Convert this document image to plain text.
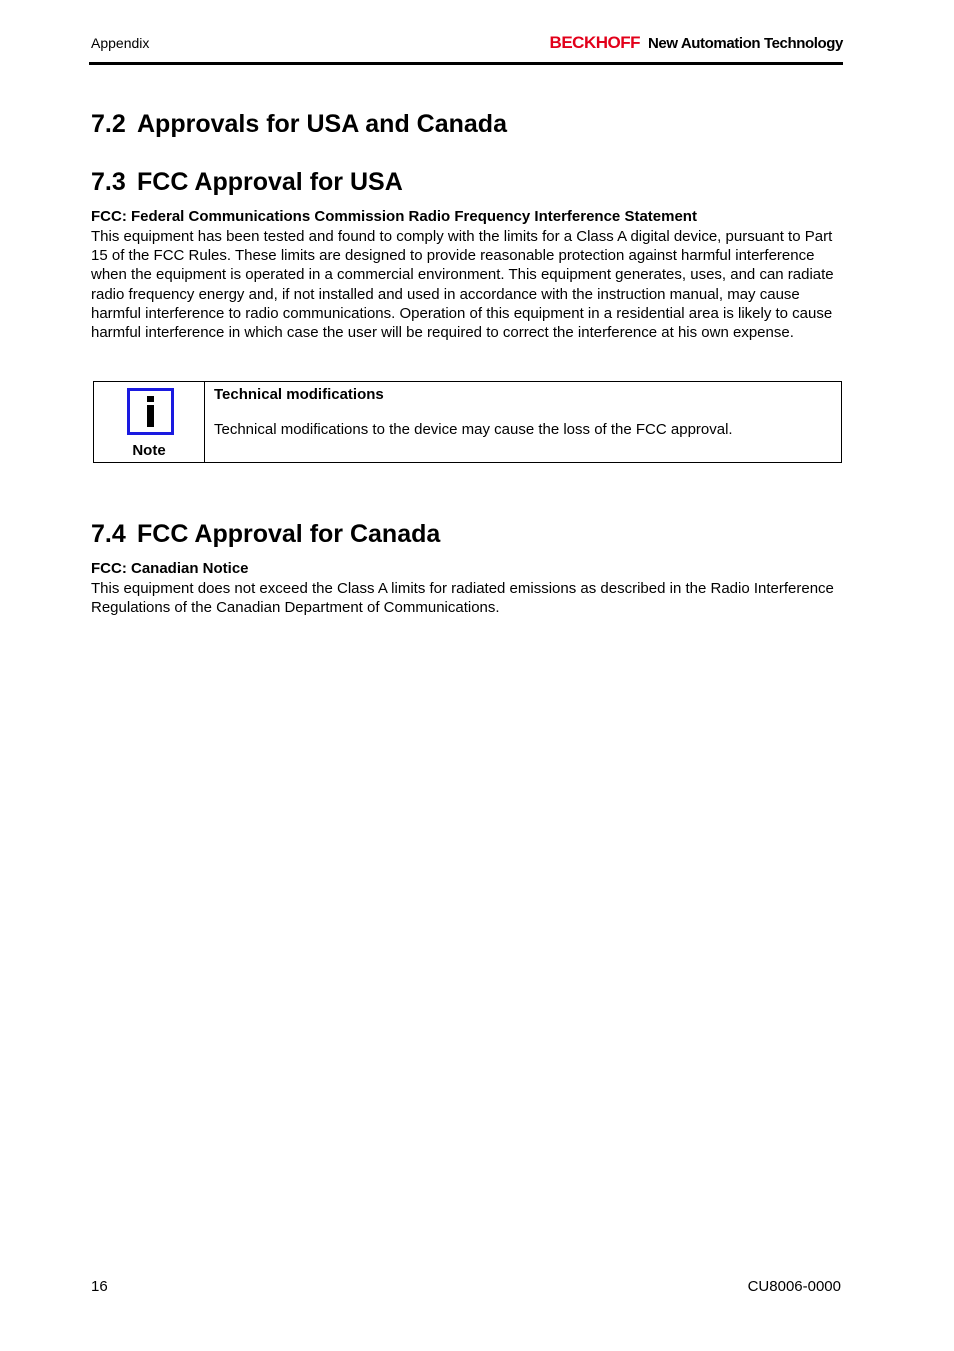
Appendix	BECKHOFF New Automation Technology
7.2 Approvals for USA and Canada
7.3 FCC Approval for USA
FCC: Federal Communications Commission Radio Frequency Interference Statement

This equipment has been tested and found to comply with the limits for a Class A digital device, pursuant to Part 15 of the FCC Rules. These limits are designed to provide reasonable protection against harmful interference when the equipment is operated in a commercial environment. This equipment generates, uses, and can radiate radio frequency energy and, if not installed and used in accordance with the instruction manual, may cause harmful interference to radio communications. Operation of this equipment in a residential area is likely to cause harmful interference in which case the user will be required to correct the interference at his own expense.

Note
Technical modifications
Technical modifications to the device may cause the loss of the FCC approval.
7.4 FCC Approval for Canada
FCC: Canadian Notice

This equipment does not exceed the Class A limits for radiated emissions as described in the Radio Interference Regulations of the Canadian Department of Communications.

16	CU8006-0000
